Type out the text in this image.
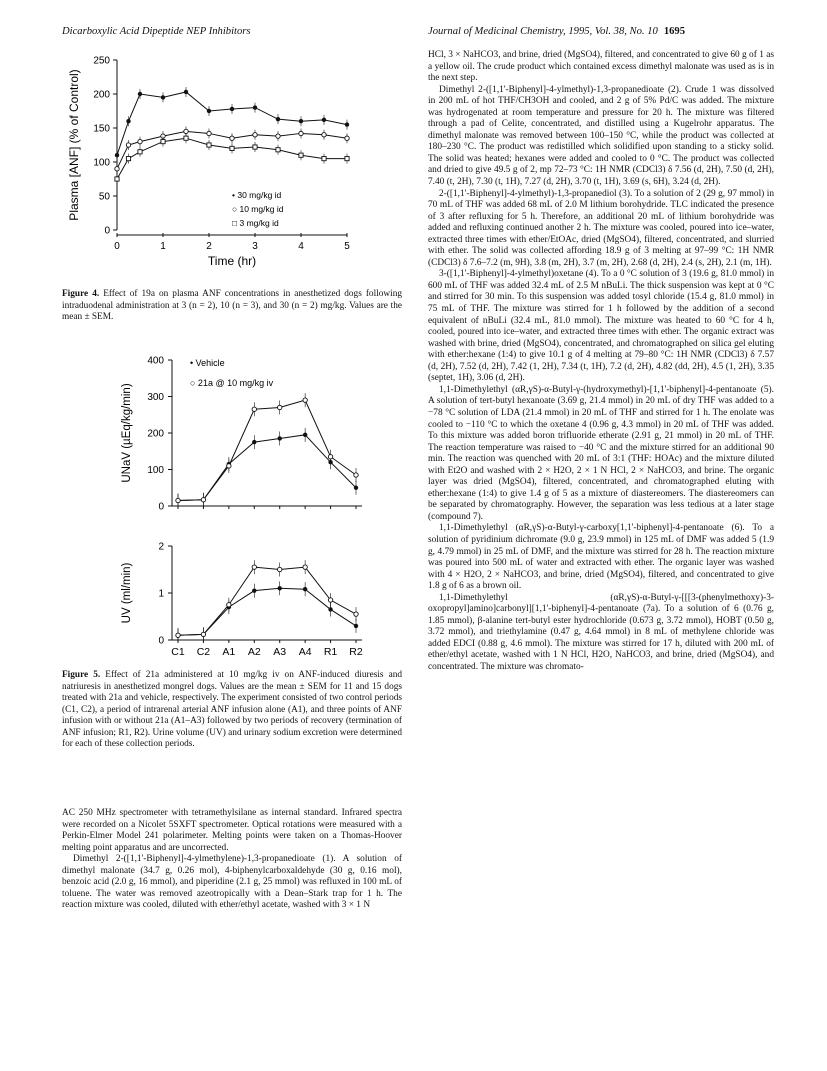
Dicarboxylic Acid Dipeptide NEP Inhibitors	Journal of Medicinal Chemistry, 1995, Vol. 38, No. 10 1695
0
50
100
150
200
250
0	1	2	3	4	5
Time (hr)
Plasma [ANF] (% of Control)	• 30 mg/kg id
○ 10 mg/kg id
□ 3 mg/kg id
Figure 4. Effect of 19a on plasma ANF concentrations in anesthetized dogs following intraduodenal administration at 3 (n = 2), 10 (n = 3), and 30 (n = 2) mg/kg. Values are the mean ± SEM.
0
100
200
300
400
UNaV (µEq/kg/min)
• Vehicle
○ 21a @ 10 mg/kg iv
0
1
2
C1 C2 A1 A2 A3 A4 R1 R2
UV (ml/min)
Figure 5. Effect of 21a administered at 10 mg/kg iv on ANF-induced diuresis and natriuresis in anesthetized mongrel dogs. Values are the mean ± SEM for 11 and 15 dogs treated with 21a and vehicle, respectively. The experiment consisted of two control periods (C1, C2), a period of intrarenal arterial ANF infusion alone (A1), and three points of ANF infusion with or without 21a (A1–A3) followed by two periods of recovery (termination of ANF infusion; R1, R2). Urine volume (UV) and urinary sodium excretion were determined for each of these collection periods.

AC 250 MHz spectrometer with tetramethylsilane as internal standard. Infrared spectra were recorded on a Nicolet 5SXFT spectrometer. Optical rotations were measured with a Perkin-Elmer Model 241 polarimeter. Melting points were taken on a Thomas-Hoover melting point apparatus and are uncorrected.

Dimethyl 2-([1,1'-Biphenyl]-4-ylmethylene)-1,3-propanedioate (1). A solution of dimethyl malonate (34.7 g, 0.26 mol), 4-biphenylcarboxaldehyde (30 g, 0.16 mol), benzoic acid (2.0 g, 16 mmol), and piperidine (2.1 g, 25 mmol) was refluxed in 100 mL of toluene. The water was removed azeotropically with a Dean–Stark trap for 1 h. The reaction mixture was cooled, diluted with ether/ethyl acetate, washed with 3 × 1 N

HCl, 3 × NaHCO3, and brine, dried (MgSO4), filtered, and concentrated to give 60 g of 1 as a yellow oil. The crude product which contained excess dimethyl malonate was used as is in the next step.

Dimethyl 2-([1,1'-Biphenyl]-4-ylmethyl)-1,3-propanedioate (2). Crude 1 was dissolved in 200 mL of hot THF/CH3OH and cooled, and 2 g of 5% Pd/C was added. The mixture was hydrogenated at room temperature and pressure for 20 h. The mixture was filtered through a pad of Celite, concentrated, and distilled using a Kugelrohr apparatus. The dimethyl malonate was removed between 100–150 °C, while the product was collected at 180–230 °C. The product was redistilled which solidified upon standing to a sticky solid. The solid was heated; hexanes were added and cooled to 0 °C. The product was collected and dried to give 49.5 g of 2, mp 72–73 °C: 1H NMR (CDCl3) δ 7.56 (d, 2H), 7.50 (d, 2H), 7.40 (t, 2H), 7.30 (t, 1H), 7.27 (d, 2H), 3.70 (t, 1H), 3.69 (s, 6H), 3.24 (d, 2H).

2-([1,1'-Biphenyl]-4-ylmethyl)-1,3-propanediol (3). To a solution of 2 (29 g, 97 mmol) in 70 mL of THF was added 68 mL of 2.0 M lithium borohydride. TLC indicated the presence of 3 after refluxing for 5 h. Therefore, an additional 20 mL of lithium borohydride was added and refluxing continued another 2 h. The mixture was cooled, poured into ice–water, extracted three times with ether/EtOAc, dried (MgSO4), filtered, concentrated, and slurried with ether. The solid was collected affording 18.9 g of 3 melting at 97–99 °C: 1H NMR (CDCl3) δ 7.6–7.2 (m, 9H), 3.8 (m, 2H), 3.7 (m, 2H), 2.68 (d, 2H), 2.4 (s, 2H), 2.1 (m, 1H).

3-([1,1'-Biphenyl]-4-ylmethyl)oxetane (4). To a 0 °C solution of 3 (19.6 g, 81.0 mmol) in 600 mL of THF was added 32.4 mL of 2.5 M nBuLi. The thick suspension was kept at 0 °C and stirred for 30 min. To this suspension was added tosyl chloride (15.4 g, 81.0 mmol) in 75 mL of THF. The mixture was stirred for 1 h followed by the addition of a second equivalent of nBuLi (32.4 mL, 81.0 mmol). The mixture was heated to 60 °C for 4 h, cooled, poured into ice–water, and extracted three times with ether. The organic extract was washed with brine, dried (MgSO4), concentrated, and chromatographed on silica gel eluting with ether:hexane (1:4) to give 10.1 g of 4 melting at 79–80 °C: 1H NMR (CDCl3) δ 7.57 (d, 2H), 7.52 (d, 2H), 7.42 (1, 2H), 7.34 (t, 1H), 7.2 (d, 2H), 4.82 (dd, 2H), 4.5 (1, 2H), 3.35 (septet, 1H), 3.06 (d, 2H).

1,1-Dimethylethyl (αR,γS)-α-Butyl-γ-(hydroxymethyl)-[1,1'-biphenyl]-4-pentanoate (5). A solution of tert-butyl hexanoate (3.69 g, 21.4 mmol) in 20 mL of dry THF was added to a −78 °C solution of LDA (21.4 mmol) in 20 mL of THF and stirred for 1 h. The enolate was cooled to −110 °C to which the oxetane 4 (0.96 g, 4.3 mmol) in 20 mL of THF was added. To this mixture was added boron trifluoride etherate (2.91 g, 21 mmol) in 20 mL of THF. The reaction temperature was raised to −40 °C and the mixture stirred for an additional 90 min. The reaction was quenched with 20 mL of 3:1 (THF: HOAc) and the mixture diluted with Et2O and washed with 2 × H2O, 2 × 1 N HCl, 2 × NaHCO3, and brine. The organic layer was dried (MgSO4), filtered, concentrated, and chromatographed eluting with ether:hexane (1:4) to give 1.4 g of 5 as a mixture of diastereomers. The diastereomers can be separated by chromatography. However, the separation was less tedious at a later stage (compound 7).

1,1-Dimethylethyl (αR,γS)-α-Butyl-γ-carboxy[1,1'-biphenyl]-4-pentanoate (6). To a solution of pyridinium dichromate (9.0 g, 23.9 mmol) in 125 mL of DMF was added 5 (1.9 g, 4.79 mmol) in 25 mL of DMF, and the mixture was stirred for 28 h. The reaction mixture was poured into 500 mL of water and extracted with ether. The organic layer was washed with 4 × H2O, 2 × NaHCO3, and brine, dried (MgSO4), filtered, and concentrated to give 1.8 g of 6 as a brown oil.

1,1-Dimethylethyl (αR,γS)-α-Butyl-γ-[[[3-(phenylmethoxy)-3-oxopropyl]amino]carbonyl][1,1'-biphenyl]-4-pentanoate (7a). To a solution of 6 (0.76 g, 1.85 mmol), β-alanine tert-butyl ester hydrochloride (0.673 g, 3.72 mmol), HOBT (0.50 g, 3.72 mmol), and triethylamine (0.47 g, 4.64 mmol) in 8 mL of methylene chloride was added EDCI (0.88 g, 4.6 mmol). The mixture was stirred for 17 h, diluted with 200 mL of ether/ethyl acetate, washed with 1 N HCl, H2O, NaHCO3, and brine, dried (MgSO4), and concentrated. The mixture was chromato-
